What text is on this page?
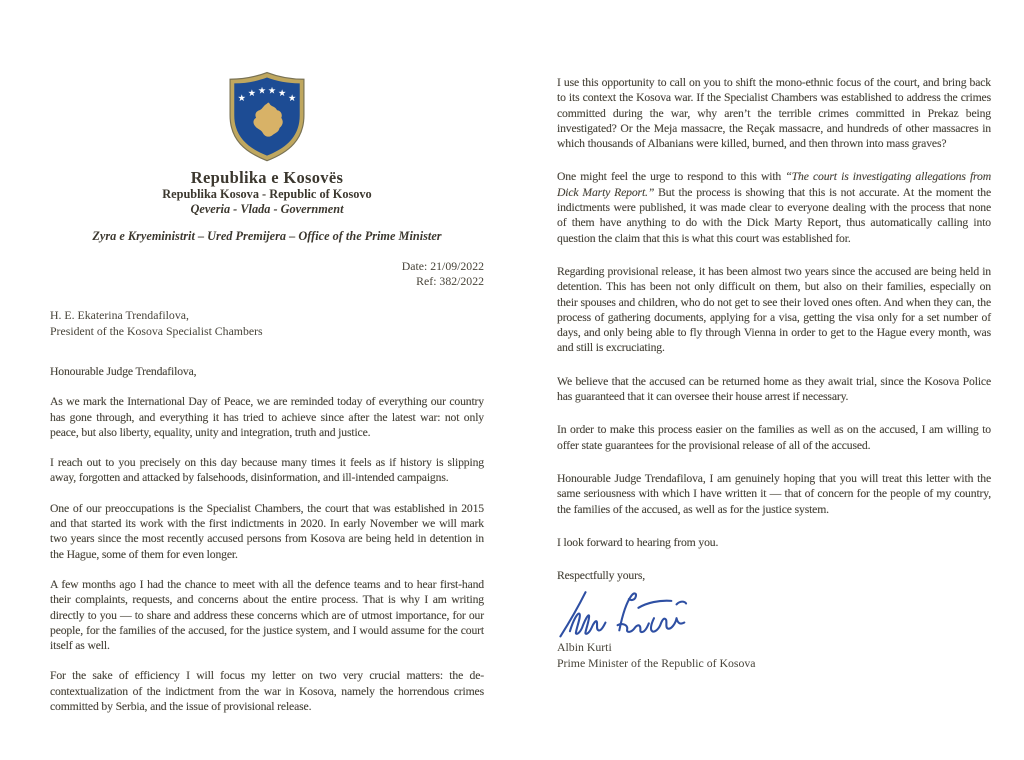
★ ★ ★ ★ ★ ★
Republika e Kosovës
Republika Kosova - Republic of Kosovo
Qeveria - Vlada - Government
Zyra e Kryeministrit – Ured Premijera – Office of the Prime Minister
Date: 21/09/2022
Ref: 382/2022
H. E. Ekaterina Trendafilova,
President of the Kosova Specialist Chambers
Honourable Judge Trendafilova,

As we mark the International Day of Peace, we are reminded today of everything our country has gone through, and everything it has tried to achieve since after the latest war: not only peace, but also liberty, equality, unity and integration, truth and justice.

I reach out to you precisely on this day because many times it feels as if history is slipping away, forgotten and attacked by falsehoods, disinformation, and ill-intended campaigns.

One of our preoccupations is the Specialist Chambers, the court that was established in 2015 and that started its work with the first indictments in 2020. In early November we will mark two years since the most recently accused persons from Kosova are being held in detention in the Hague, some of them for even longer.

A few months ago I had the chance to meet with all the defence teams and to hear first-hand their complaints, requests, and concerns about the entire process. That is why I am writing directly to you — to share and address these concerns which are of utmost importance, for our people, for the families of the accused, for the justice system, and I would assume for the court itself as well.

For the sake of efficiency I will focus my letter on two very crucial matters: the de-contextualization of the indictment from the war in Kosova, namely the horrendous crimes committed by Serbia, and the issue of provisional release.

I use this opportunity to call on you to shift the mono-ethnic focus of the court, and bring back to its context the Kosova war. If the Specialist Chambers was established to address the crimes committed during the war, why aren’t the terrible crimes committed in Prekaz being investigated? Or the Meja massacre, the Reçak massacre, and hundreds of other massacres in which thousands of Albanians were killed, burned, and then thrown into mass graves?

One might feel the urge to respond to this with “The court is investigating allegations from Dick Marty Report.” But the process is showing that this is not accurate. At the moment the indictments were published, it was made clear to everyone dealing with the process that none of them have anything to do with the Dick Marty Report, thus automatically calling into question the claim that this is what this court was established for.

Regarding provisional release, it has been almost two years since the accused are being held in detention. This has been not only difficult on them, but also on their families, especially on their spouses and children, who do not get to see their loved ones often. And when they can, the process of gathering documents, applying for a visa, getting the visa only for a set number of days, and only being able to fly through Vienna in order to get to the Hague every month, was and still is excruciating.

We believe that the accused can be returned home as they await trial, since the Kosova Police has guaranteed that it can oversee their house arrest if necessary.

In order to make this process easier on the families as well as on the accused, I am willing to offer state guarantees for the provisional release of all of the accused.

Honourable Judge Trendafilova, I am genuinely hoping that you will treat this letter with the same seriousness with which I have written it — that of concern for the people of my country, the families of the accused, as well as for the justice system.

I look forward to hearing from you.
Respectfully yours,
Albin Kurti
Prime Minister of the Republic of Kosova
